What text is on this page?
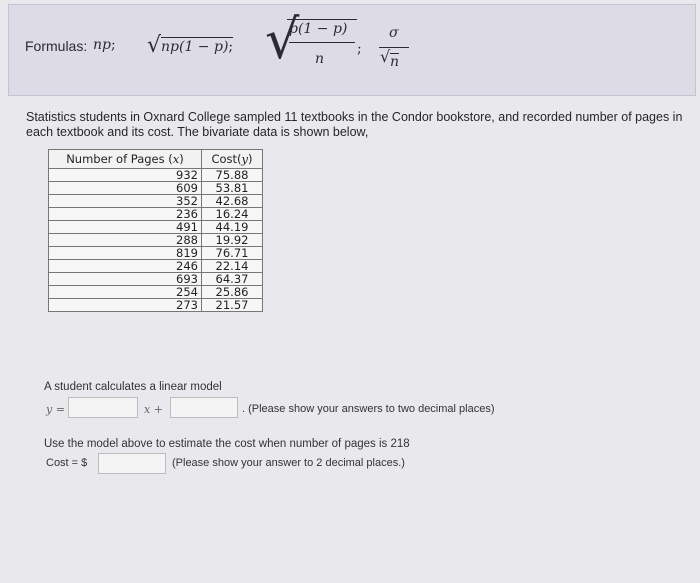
Formulas: np; √ np(1 − p); √
p(1 − p)
n
;
σ
√ n
Statistics students in Oxnard College sampled 11 textbooks in the Condor bookstore, and recorded number of pages in each textbook and its cost. The bivariate data is shown below,
Number of Pages (x)	Cost(y)
932	75.88
609	53.81
352	42.68
236	16.24
491	44.19
288	19.92
819	76.71
246	22.14
693	64.37
254	25.86
273	21.57
A student calculates a linear model
y =	x +	. (Please show your answers to two decimal places)
Use the model above to estimate the cost when number of pages is 218
Cost = $	(Please show your answer to 2 decimal places.)
